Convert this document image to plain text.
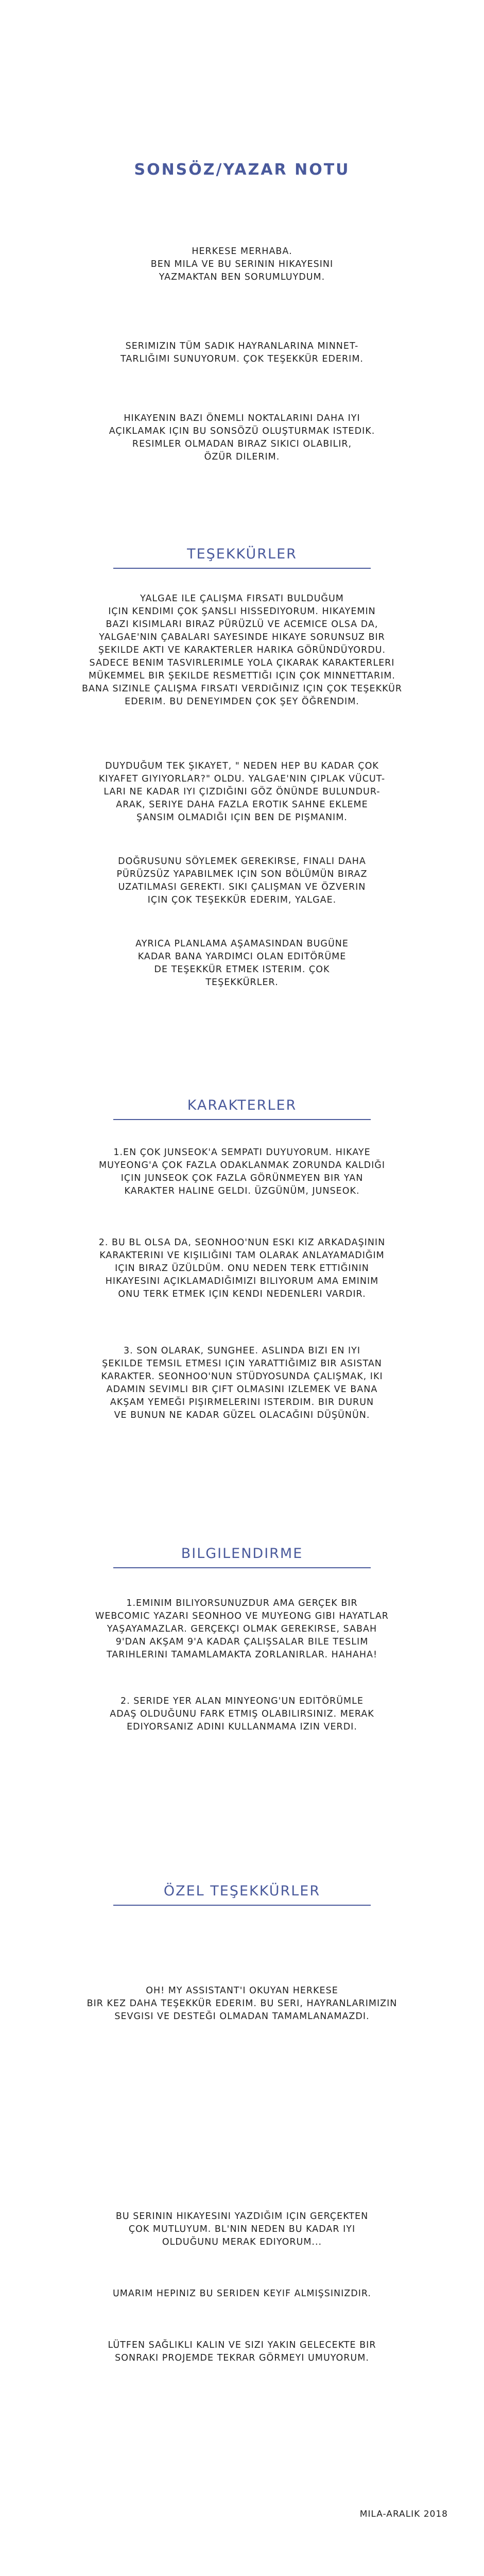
SONSÖZ/YAZAR NOTU
HERKESE MERHABA.
BEN MILA VE BU SERININ HIKAYESINI
YAZMAKTAN BEN SORUMLUYDUM.
SERIMIZIN TÜM SADIK HAYRANLARINA MINNET-
TARLIĞIMI SUNUYORUM. ÇOK TEŞEKKÜR EDERIM.
HIKAYENIN BAZI ÖNEMLI NOKTALARINI DAHA IYI
AÇIKLAMAK IÇIN BU SONSÖZÜ OLUŞTURMAK ISTEDIK.
RESIMLER OLMADAN BIRAZ SIKICI OLABILIR,
ÖZÜR DILERIM.
TEŞEKKÜRLER
YALGAE ILE ÇALIŞMA FIRSATI BULDUĞUM
IÇIN KENDIMI ÇOK ŞANSLI HISSEDIYORUM. HIKAYEMIN
BAZI KISIMLARI BIRAZ PÜRÜZLÜ VE ACEMICE OLSA DA,
YALGAE'NIN ÇABALARI SAYESINDE HIKAYE SORUNSUZ BIR
ŞEKILDE AKTI VE KARAKTERLER HARIKA GÖRÜNDÜYORDU.
SADECE BENIM TASVIRLERIMLE YOLA ÇIKARAK KARAKTERLERI
MÜKEMMEL BIR ŞEKILDE RESMETTIĞI IÇIN ÇOK MINNETTARIM.
BANA SIZINLE ÇALIŞMA FIRSATI VERDIĞINIZ IÇIN ÇOK TEŞEKKÜR
EDERIM. BU DENEYIMDEN ÇOK ŞEY ÖĞRENDIM.
DUYDUĞUM TEK ŞIKAYET, " NEDEN HEP BU KADAR ÇOK
KIYAFET GIYIYORLAR?" OLDU. YALGAE'NIN ÇIPLAK VÜCUT-
LARI NE KADAR IYI ÇIZDIĞINI GÖZ ÖNÜNDE BULUNDUR-
ARAK, SERIYE DAHA FAZLA EROTIK SAHNE EKLEME
ŞANSIM OLMADIĞI IÇIN BEN DE PIŞMANIM.
DOĞRUSUNU SÖYLEMEK GEREKIRSE, FINALI DAHA
PÜRÜZSÜZ YAPABILMEK IÇIN SON BÖLÜMÜN BIRAZ
UZATILMASI GEREKTI. SIKI ÇALIŞMAN VE ÖZVERIN
IÇIN ÇOK TEŞEKKÜR EDERIM, YALGAE.
AYRICA PLANLAMA AŞAMASINDAN BUGÜNE
KADAR BANA YARDIMCI OLAN EDITÖRÜME
DE TEŞEKKÜR ETMEK ISTERIM. ÇOK
TEŞEKKÜRLER.
KARAKTERLER
1.EN ÇOK JUNSEOK'A SEMPATI DUYUYORUM. HIKAYE
MUYEONG'A ÇOK FAZLA ODAKLANMAK ZORUNDA KALDIĞI
IÇIN JUNSEOK ÇOK FAZLA GÖRÜNMEYEN BIR YAN
KARAKTER HALINE GELDI. ÜZGÜNÜM, JUNSEOK.
2. BU BL OLSA DA, SEONHOO'NUN ESKI KIZ ARKADAŞININ
KARAKTERINI VE KIŞILIĞINI TAM OLARAK ANLAYAMADIĞIM
IÇIN BIRAZ ÜZÜLDÜM. ONU NEDEN TERK ETTIĞININ
HIKAYESINI AÇIKLAMADIĞIMIZI BILIYORUM AMA EMINIM
ONU TERK ETMEK IÇIN KENDI NEDENLERI VARDIR.
3. SON OLARAK, SUNGHEE. ASLINDA BIZI EN IYI
ŞEKILDE TEMSIL ETMESI IÇIN YARATTIĞIMIZ BIR ASISTAN
KARAKTER. SEONHOO'NUN STÜDYOSUNDA ÇALIŞMAK, IKI
ADAMIN SEVIMLI BIR ÇIFT OLMASINI IZLEMEK VE BANA
AKŞAM YEMEĞI PIŞIRMELERINI ISTERDIM. BIR DURUN
VE BUNUN NE KADAR GÜZEL OLACAĞINI DÜŞÜNÜN.
BILGILENDIRME
1.EMINIM BILIYORSUNUZDUR AMA GERÇEK BIR
WEBCOMIC YAZARI SEONHOO VE MUYEONG GIBI HAYATLAR
YAŞAYAMAZLAR. GERÇEKÇI OLMAK GEREKIRSE, SABAH
9'DAN AKŞAM 9'A KADAR ÇALIŞSALAR BILE TESLIM
TARIHLERINI TAMAMLAMAKTA ZORLANIRLAR. HAHAHA!
2. SERIDE YER ALAN MINYEONG'UN EDITÖRÜMLE
ADAŞ OLDUĞUNU FARK ETMIŞ OLABILIRSINIZ. MERAK
EDIYORSANIZ ADINI KULLANMAMA IZIN VERDI.
ÖZEL TEŞEKKÜRLER
OH! MY ASSISTANT'I OKUYAN HERKESE
BIR KEZ DAHA TEŞEKKÜR EDERIM. BU SERI, HAYRANLARIMIZIN
SEVGISI VE DESTEĞI OLMADAN TAMAMLANAMAZDI.
BU SERININ HIKAYESINI YAZDIĞIM IÇIN GERÇEKTEN
ÇOK MUTLUYUM. BL'NIN NEDEN BU KADAR IYI
OLDUĞUNU MERAK EDIYORUM...
UMARIM HEPINIZ BU SERIDEN KEYIF ALMIŞSINIZDIR.
LÜTFEN SAĞLIKLI KALIN VE SIZI YAKIN GELECEKTE BIR
SONRAKI PROJEMDE TEKRAR GÖRMEYI UMUYORUM.
MILA-ARALIK 2018
